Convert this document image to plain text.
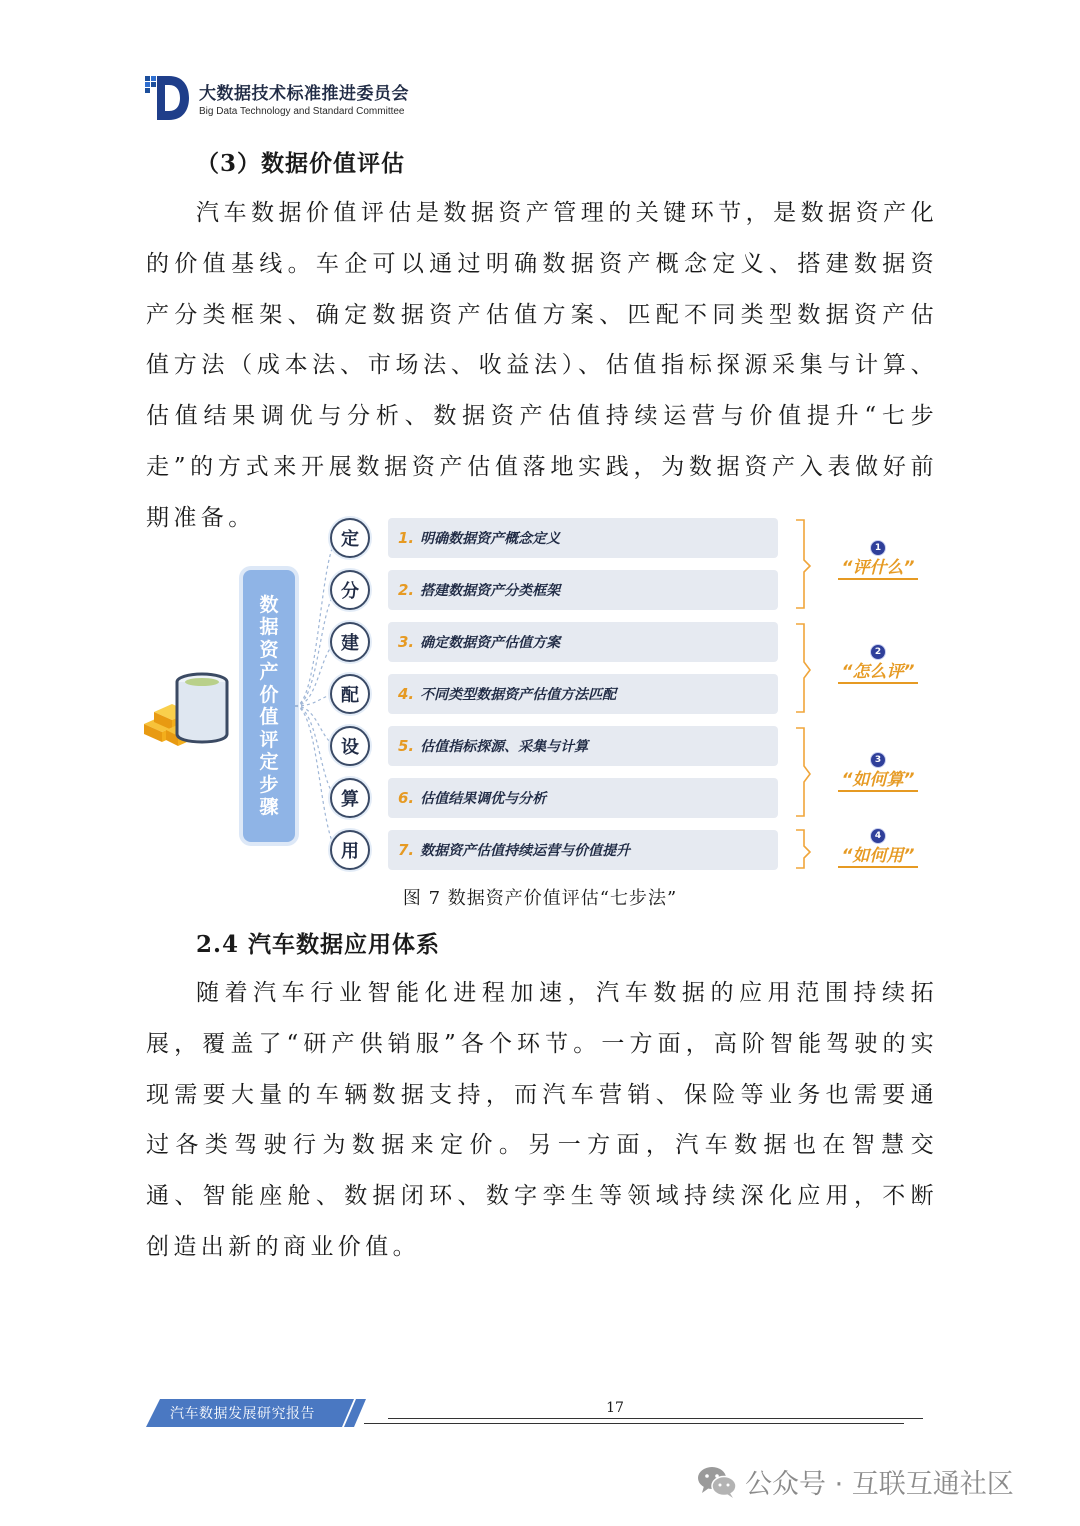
大数据技术标准推进委员会
Big Data Technology and Standard Committee
（3）数据价值评估

汽车数据价值评估是数据资产管理的关键环节，是数据资产化的价值基线。车企可以通过明确数据资产概念定义、搭建数据资产分类框架、确定数据资产估值方案、匹配不同类型数据资产估值方法（成本法、市场法、收益法）、估值指标探源采集与计算、估值结果调优与分析、数据资产估值持续运营与价值提升“七步走”的方式来开展数据资产估值落地实践，为数据资产入表做好前期准备。

数
据
资
产
价
值
评
定
步
骤
定
分
建
配
设
算
用
1. 明确数据资产概念定义
2. 搭建数据资产分类框架
3. 确定数据资产估值方案
4. 不同类型数据资产估值方法匹配
5. 估值指标探源、采集与计算
6. 估值结果调优与分析
7. 数据资产估值持续运营与价值提升
1
“评什么”
2
“怎么评”
3
“如何算”
4
“如何用”
图 7 数据资产价值评估“七步法”
2.4 汽车数据应用体系

随着汽车行业智能化进程加速，汽车数据的应用范围持续拓展，覆盖了“研产供销服”各个环节。一方面，高阶智能驾驶的实现需要大量的车辆数据支持，而汽车营销、保险等业务也需要通过各类驾驶行为数据来定价。另一方面，汽车数据也在智慧交通、智能座舱、数据闭环、数字孪生等领域持续深化应用，不断创造出新的商业价值。

汽车数据发展研究报告	17
公众号 · 互联互通社区
